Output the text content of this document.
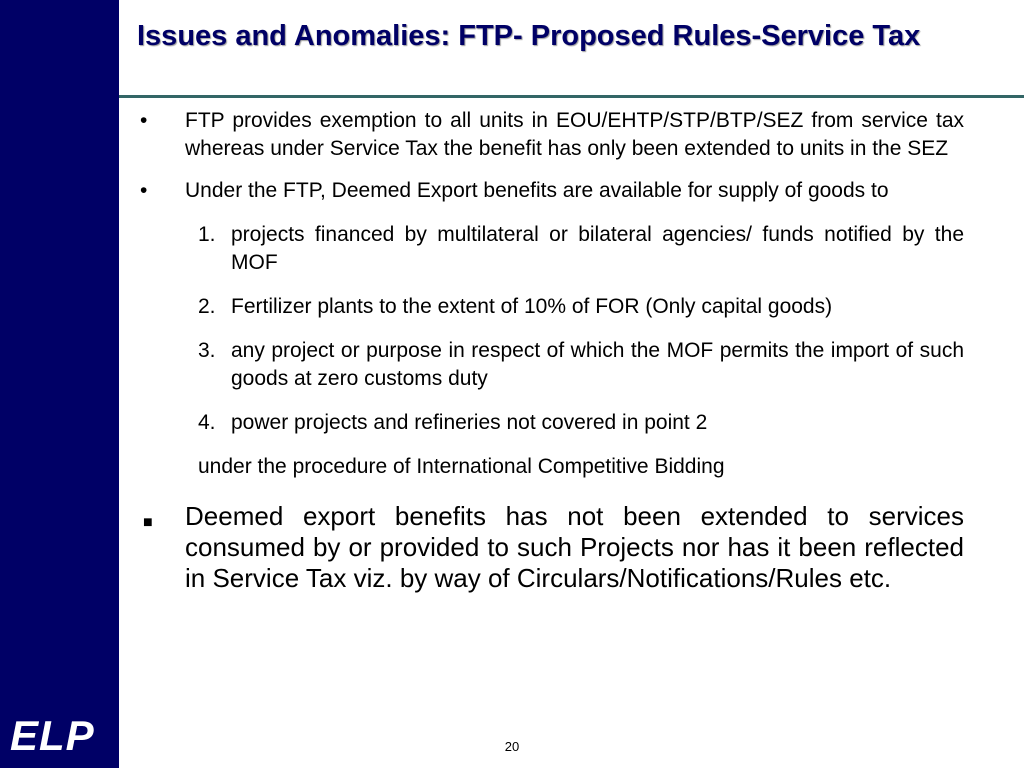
ELP
Issues and Anomalies: FTP- Proposed Rules-Service Tax
• FTP provides exemption to all units in EOU/EHTP/STP/BTP/SEZ from service tax whereas under Service Tax the benefit has only been extended to units in the SEZ
• Under the FTP, Deemed Export benefits are available for supply of goods to
1. projects financed by multilateral or bilateral agencies/ funds notified by the MOF
2. Fertilizer plants to the extent of 10% of FOR (Only capital goods)
3. any project or purpose in respect of which the MOF permits the import of such goods at zero customs duty
4. power projects and refineries not covered in point 2
under the procedure of International Competitive Bidding
■ Deemed export benefits has not been extended to services consumed by or provided to such Projects nor has it been reflected in Service Tax viz. by way of Circulars/Notifications/Rules etc.
20
